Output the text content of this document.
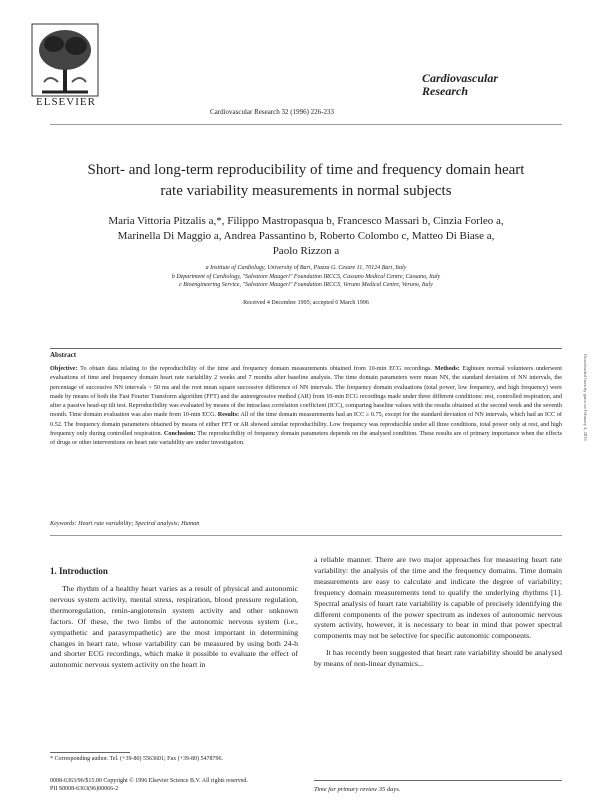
ELSEVIER
Cardiovascular
Research
Cardiovascular Research 32 (1996) 226-233
Short- and long-term reproducibility of time and frequency domain heart
rate variability measurements in normal subjects
Maria Vittoria Pitzalis a,*, Filippo Mastropasqua b, Francesco Massari b, Cinzia Forleo a,
Marinella Di Maggio a, Andrea Passantino b, Roberto Colombo c, Matteo Di Biase a,
Paolo Rizzon a
a Institute of Cardiology, University of Bari, Piazza G. Cesare 11, 70124 Bari, Italy
b Department of Cardiology, "Salvatore Maugeri" Foundation IRCCS, Cassano Medical Centre, Cassano, Italy
c Bioengineering Service, "Salvatore Maugeri" Foundation IRCCS, Veruno Medical Centre, Veruno, Italy
Received 4 December 1995; accepted 6 March 1996
Abstract
Objective: To obtain data relating to the reproducibility of the time and frequency domain measurements obtained from 10-min ECG recordings. Methods: Eighteen normal volunteers underwent evaluations of time and frequency domain heart rate variability 2 weeks and 7 months after baseline analysis. The time domain parameters were mean NN, the standard deviation of NN intervals, the percentage of successive NN intervals > 50 ms and the root mean square successive difference of NN intervals. The frequency domain evaluations (total power, low frequency, and high frequency) were made by means of both the Fast Fourier Transform algorithm (FFT) and the autoregressive method (AR) from 10-min ECG recordings made under three different conditions: rest, controlled respiration, and after a passive head-up tilt test. Reproducibility was evaluated by means of the intraclass correlation coefficient (ICC), comparing baseline values with the results obtained at the second week and the seventh month. Time domain evaluation was also made from 10-min ECG. Results: All of the time domain measurements had an ICC ≥ 0.75, except for the standard deviation of NN intervals, which had an ICC of 0.52. The frequency domain parameters obtained by means of either FFT or AR showed similar reproducibility. Low frequency was reproducible under all three conditions, total power only at rest, and high frequency only during controlled respiration. Conclusion: The reproducibility of frequency domain parameters depends on the analysed condition. These results are of primary importance when the effects of drugs or other interventions on heart rate variability are under investigation.
Keywords: Heart rate variability; Spectral analysis; Human
1. Introduction
The rhythm of a healthy heart varies as a result of physical and autonomic nervous system activity, mental stress, respiration, blood pressure regulation, thermoregulation, renin-angiotensin system activity and other unknown factors. Of these, the two limbs of the autonomic nervous system (i.e., sympathetic and parasympathetic) are the most important in determining changes in heart rate, whose variability can be measured by using both 24-h and shorter ECG recordings, which make it possible to evaluate the effect of autonomic nervous system activity on the heart in

a reliable manner. There are two major approaches for measuring heart rate variability: the analysis of the time and the frequency domains. Time domain measurements are easy to calculate and indicate the degree of variability; frequency domain measurements tend to qualify the underlying rhythms [1]. Spectral analysis of heart rate variability is capable of precisely identifying the different components of the power spectrum as indexes of autonomic nervous system activity, however, it is necessary to bear in mind that power spectral components may not be selective for specific autonomic components.

It has recently been suggested that heart rate variability should be analysed by means of non-linear dynamics...

* Corresponding author. Tel. (+39-80) 5563601; Fax (+39-80) 5478796.
0008-6363/96/$15.00 Copyright © 1996 Elsevier Science B.V. All rights reserved.
PII S0008-6363(96)00066-2	Time for primary review 35 days.
Downloaded from by guest on February 4, 2016
